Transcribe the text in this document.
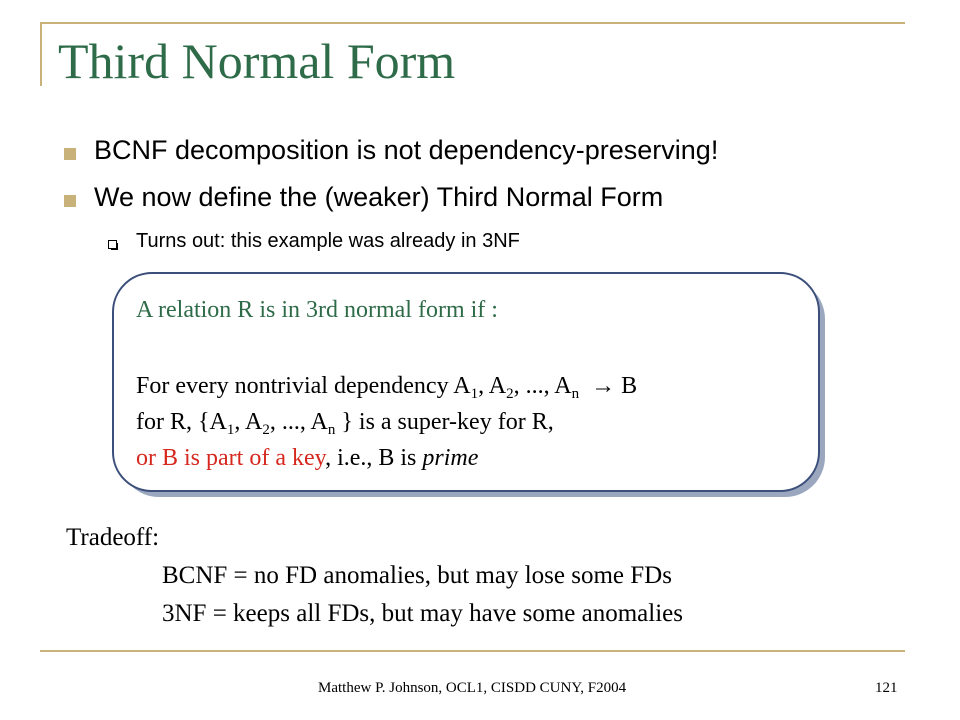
Third Normal Form
BCNF decomposition is not dependency-preserving!
We now define the (weaker) Third Normal Form
Turns out: this example was already in 3NF
A relation R is in 3rd normal form if :
For every nontrivial dependency $A_1$, $A_2$, ..., $A_n \to B$
for R, {$A_1$, $A_2$, ..., $A_n$ } is a super-key for R,
or B is part of a key, i.e., B is prime
Tradeoff:
BCNF = no FD anomalies, but may lose some FDs
3NF = keeps all FDs, but may have some anomalies
Matthew P. Johnson, OCL1, CISDD CUNY, F2004	121
